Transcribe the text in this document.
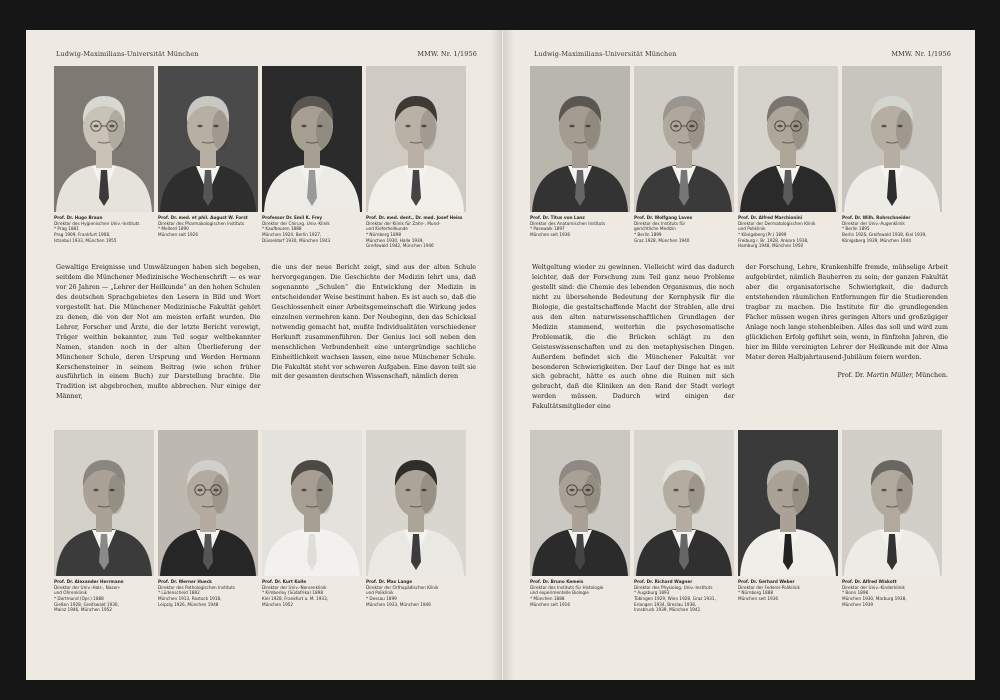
Ludwig-Maximilians-Universität München	MMW. Nr. 1/1956
Prof. Dr. Hugo Braun
Direktor des Hygienischen Univ.-Instituts
* Prag 1881
Prag 1909, Frankfurt 1908,
Istanbul 1933, München 1955
Prof. Dr. med. et phil. August W. Forst
Direktor des Pharmakologischen Instituts
* Mellerd 1890
München seit 1926
Professor Dr. Emil K. Frey
Direktor der Chirurg. Univ.-Klinik
* Kaufbeuren 1888
München 1924, Berlin 1927,
Düsseldorf 1930, München 1943
Prof. Dr. med. dent., Dr. med. Josef Heiss
Direktor der Klinik für Zahn-, Mund-
und Kieferheilkunde
* Nürnberg 1898
München 1930, Halle 1939,
Greifswald 1942, München 1946

Gewaltige Ereignisse und Umwälzungen haben sich begeben, seitdem die Münchener Medizinische Wochenschrift — es war vor 26 Jahren — „Lehrer der Heilkunde“ an den hohen Schulen des deutschen Sprachgebietes den Lesern in Bild und Wort vorgestellt hat. Die Münchener Medizinische Fakultät gehört zu denen, die von der Not am meisten erfaßt wurden. Die Lehrer, Forscher und Ärzte, die der letzte Bericht verewigt, Träger weithin bekannter, zum Teil sogar weltbekannter Namen, standen noch in der alten Überlieferung der Münchener Schule, deren Ursprung und Werden Hermann Kerschensteiner in seinem Beitrag (wie schon früher ausführlich in einem Buch) zur Darstellung brachte. Die Tradition ist abgebrochen, mußte abbrechen. Nur einige der Männer,

die uns der neue Bericht zeigt, sind aus der alten Schule hervorgegangen. Die Geschichte der Medizin lehrt uns, daß sogenannte „Schulen“ die Entwicklung der Medizin in entscheidender Weise bestimmt haben. Es ist auch so, daß die Geschlossenheit einer Arbeitsgemeinschaft die Wirkung jedes einzelnen vermehren kann. Der Neubeginn, den das Schicksal notwendig gemacht hat, mußte Individualitäten verschiedener Herkunft zusammenführen. Der Genius loci soll neben den menschlichen Verbundenheit eine untergründige sachliche Einheitlichkeit wachsen lassen, eine neue Münchener Schule. Die Fakultät steht vor schweren Aufgaben. Eine davon teilt sie mit der gesamten deutschen Wissenschaft, nämlich deren

Prof. Dr. Alexander Herrmann
Direktor der Univ.-Hals-, Nasen-
und Ohrenklinik
* Dortmund (Opr.) 1888
Gießen 1928, Greifswald 1930,
Mainz 1946, München 1952
Prof. Dr. Werner Hueck
Direktor des Pathologischen Instituts
* Lüdenscheid 1882
München 1913, Rostock 1918,
Leipzig 1926, München 1948
Prof. Dr. Kurt Kolle
Direktor der Univ.-Nervenklinik
* Kimberley (Südafrika) 1898
Kiel 1928, Frankfurt a. M. 1933,
München 1952
Prof. Dr. Max Lange
Direktor der Orthopädischen Klinik
und Poliklinik
* Dessau 1899
München 1933, München 1946
Ludwig-Maximilians-Universität München	MMW. Nr. 1/1956
Prof. Dr. Titus von Lanz
Direktor des Anatomischen Instituts
* Pasewalk 1897
München seit 1936
Prof. Dr. Wolfgang Laves
Direktor des Instituts für
gerichtliche Medizin
* Berlin 1899
Graz 1928, München 1940
Prof. Dr. Alfred Marchionini
Direktor der Dermatologischen Klinik
und Poliklinik
* Königsberg (Pr.) 1899
Freiburg i. Br. 1928, Ankara 1938,
Hamburg 1948, München 1950
Prof. Dr. Wilh. Rohrschneider
Direktor der Univ.-Augenklinik
* Berlin 1895
Berlin 1926, Greifswald 1938, Kiel 1939,
Königsberg 1939, München 1944

Weltgeltung wieder zu gewinnen. Vielleicht wird das dadurch leichter, daß der Forschung zum Teil ganz neue Probleme gestellt sind: die Chemie des lebenden Organismus, die noch nicht zu übersehende Bedeutung der Kernphysik für die Biologie, die gestaltschaffende Macht der Strahlen, alle drei aus den alten naturwissenschaftlichen Grundlagen der Medizin stammend, weiterhin die psychosomatische Problematik, die die Brücken schlägt zu den Geisteswissenschaften und zu den metaphysischen Dingen. Außerdem befindet sich die Münchener Fakultät vor besonderen Schwierigkeiten. Der Lauf der Dinge hat es mit sich gebracht, hätte es auch ohne die Ruinen mit sich gebracht, daß die Kliniken an den Rand der Stadt verlegt werden müssen. Dadurch wird einigen der Fakultätsmitglieder eine

der Forschung, Lehre, Krankenhilfe fremde, mühselige Arbeit aufgebürdet, nämlich Bauherren zu sein; der ganzen Fakultät aber die organisatorische Schwierigkeit, die dadurch entstehenden räumlichen Entfernungen für die Studierenden tragbar zu machen. Die Institute für die grundlegenden Fächer müssen wegen ihres geringen Alters und großzügiger Anlage noch lange stehenbleiben. Alles das soll und wird zum glücklichen Erfolg geführt sein, wenn, in fünfzehn Jahren, die hier im Bilde vereinigten Lehrer der Heilkunde mit der Alma Mater deren Halbjahrtausend-Jubiläum feiern werden.

Prof. Dr. Martin Müller, München.
Prof. Dr. Bruno Kemeis
Direktor des Instituts für Histologie
und experimentelle Biologie
* München 1888
München seit 1916
Prof. Dr. Richard Wagner
Direktor des Physiolog. Univ.-Instituts
* Augsburg 1893
Tübingen 1929, Wien 1928, Graz 1931,
Erlangen 1934, Breslau 1938,
Innsbruck 1939, München 1941
Prof. Dr. Gerhard Weber
Direktor der Federer-Poliklinik
* Nürnberg 1888
München seit 1936
Prof. Dr. Alfred Wiskott
Direktor der Univ.-Kinderklinik
* Bonn 1898
München 1930, Marburg 1938,
München 1939
